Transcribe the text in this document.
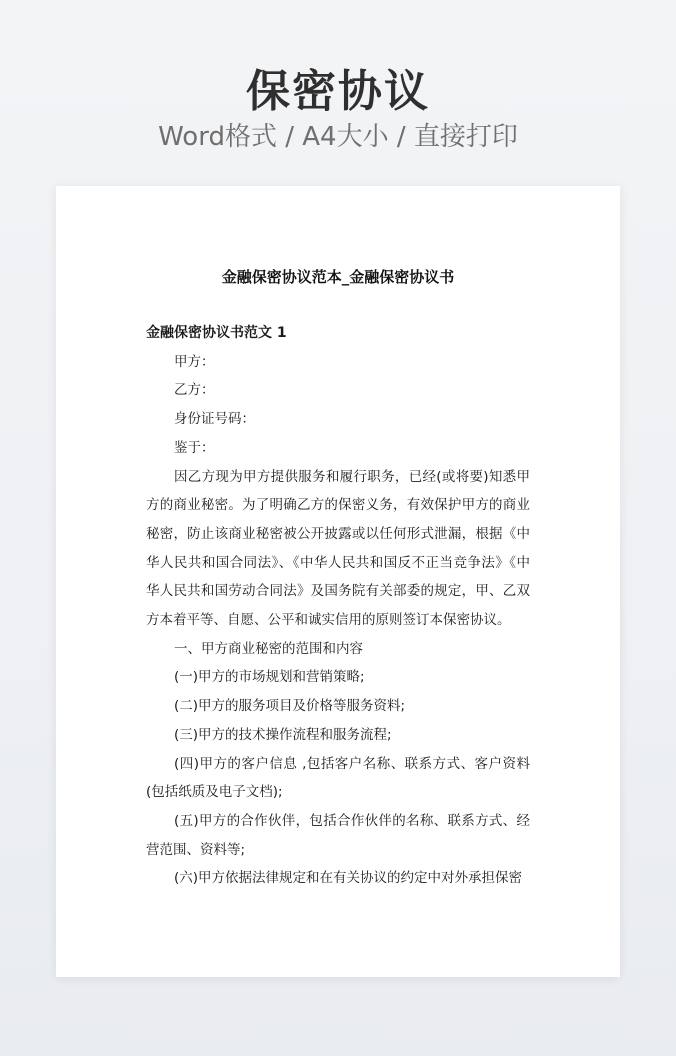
保密协议
Word格式 / A4大小 / 直接打印
金融保密协议范本_金融保密协议书

金融保密协议书范文 1

甲方：

乙方：

身份证号码：

鉴于：

因乙方现为甲方提供服务和履行职务，已经(或将要)知悉甲方的商业秘密。为了明确乙方的保密义务，有效保护甲方的商业秘密，防止该商业秘密被公开披露或以任何形式泄漏，根据《中华人民共和国合同法》、《中华人民共和国反不正当竞争法》《中华人民共和国劳动合同法》及国务院有关部委的规定，甲、乙双方本着平等、自愿、公平和诚实信用的原则签订本保密协议。

一、甲方商业秘密的范围和内容

(一)甲方的市场规划和营销策略;

(二)甲方的服务项目及价格等服务资料;

(三)甲方的技术操作流程和服务流程;

(四)甲方的客户信息 ,包括客户名称、联系方式、客户资料(包括纸质及电子文档);

(五)甲方的合作伙伴，包括合作伙伴的名称、联系方式、经营范围、资料等;

(六)甲方依据法律规定和在有关协议的约定中对外承担保密
